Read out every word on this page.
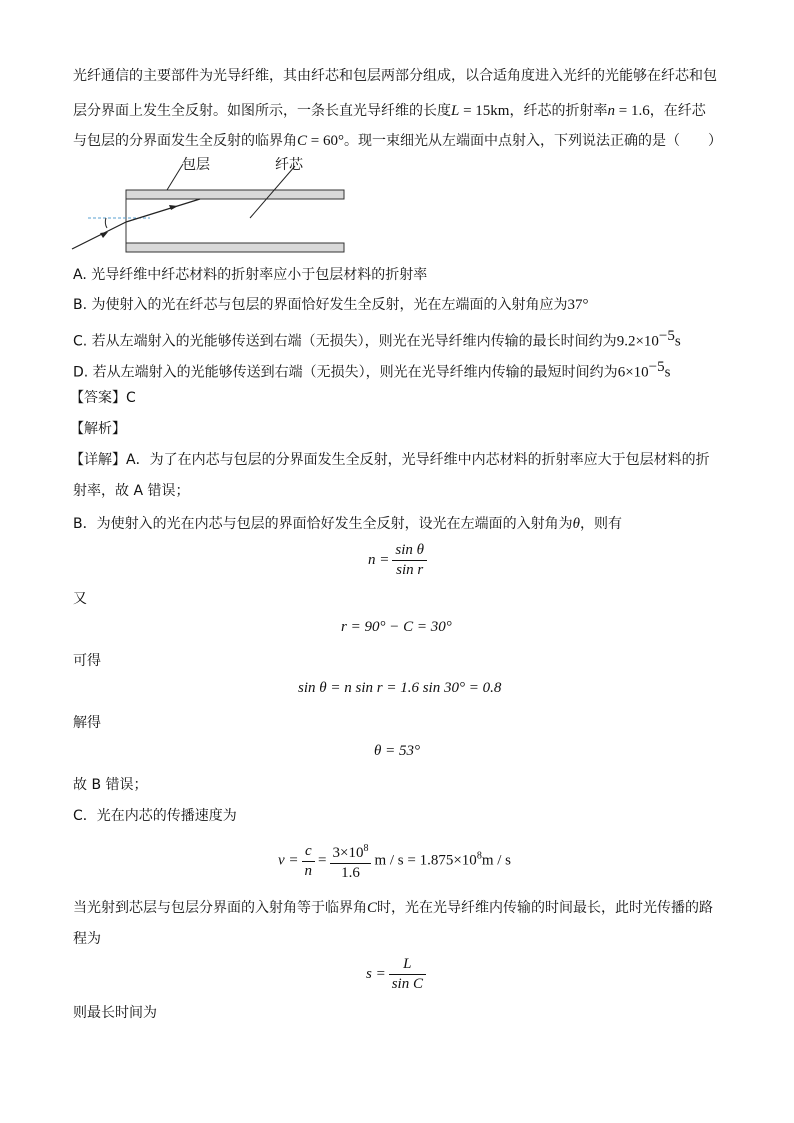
光纤通信的主要部件为光导纤维，其由纤芯和包层两部分组成，以合适角度进入光纤的光能够在纤芯和包
层分界面上发生全反射。如图所示，一条长直光导纤维的长度L = 15km，纤芯的折射率n = 1.6，在纤芯
与包层的分界面发生全反射的临界角C = 60°。现一束细光从左端面中点射入，下列说法正确的是（　　）
包层	纤芯
A. 光导纤维中纤芯材料的折射率应小于包层材料的折射率
B. 为使射入的光在纤芯与包层的界面恰好发生全反射，光在左端面的入射角应为37°
C. 若从左端射入的光能够传送到右端（无损失），则光在光导纤维内传输的最长时间约为$9.2\times 10^{-5}s$
D. 若从左端射入的光能够传送到右端（无损失），则光在光导纤维内传输的最短时间约为$6\times 10^{-5}s$
【答案】C
【解析】
【详解】A．为了在内芯与包层的分界面发生全反射，光导纤维中内芯材料的折射率应大于包层材料的折
射率，故 A 错误；
B．为使射入的光在内芯与包层的界面恰好发生全反射，设光在左端面的入射角为θ，则有
$n = \frac{\text{sin θ}}{\text{sin r}}$
又
r = 90° − C = 30°
可得
sin θ = n sin r = 1.6 sin 30° = 0.8
解得
θ = 53°
故 B 错误；
C．光在内芯的传播速度为
$v = \frac{c}{n} = \frac{3\times 10^8}{1.6}$ $m / s = 1.875\times 10^8m / s$
当光射到芯层与包层分界面的入射角等于临界角C时，光在光导纤维内传输的时间最长，此时光传播的路
程为
$s = \frac{L}{\text{sin C}}$
则最长时间为
